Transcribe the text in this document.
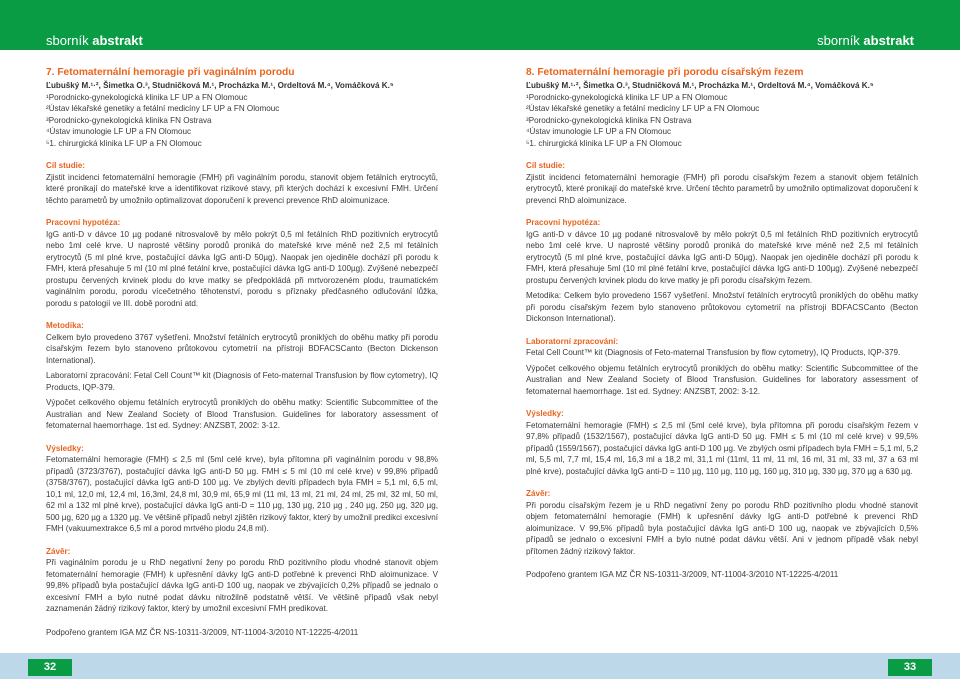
sborník abstrakt	sborník abstrakt
7. Fetomaternální hemoragie při vaginálním porodu
Ľubušký M.¹·², Šimetka O.³, Studničková M.¹, Procházka M.¹, Ordeltová M.⁴, Vomáčková K.⁵
¹Porodnicko-gynekologická klinika LF UP a FN Olomouc
²Ústav lékařské genetiky a fetální medicíny LF UP a FN Olomouc
³Porodnicko-gynekologická klinika FN Ostrava
⁴Ústav imunologie LF UP a FN Olomouc
⁵1. chirurgická klinika LF UP a FN Olomouc
Cíl studie:

Zjistit incidenci fetomaternální hemoragie (FMH) při vaginálním porodu, stanovit objem fetálních erytrocytů, které pronikají do mateřské krve a identifikovat rizikové stavy, při kterých dochází k excesivní FMH. Určení těchto parametrů by umožnilo optimalizovat doporučení k prevenci prevence RhD aloimunizace.

Pracovní hypotéza:

IgG anti-D v dávce 10 µg podané nitrosvalově by mělo pokrýt 0,5 ml fetálních RhD pozitivních erytrocytů nebo 1ml celé krve. U naprosté většiny porodů proniká do mateřské krve méně než 2,5 ml fetálních erytrocytů (5 ml plné krve, postačující dávka IgG anti-D 50µg). Naopak jen ojediněle dochází při porodu k FMH, která přesahuje 5 ml (10 ml plné fetální krve, postačující dávka IgG anti-D 100µg). Zvýšené nebezpečí prostupu červených krvinek plodu do krve matky se předpokládá při mrtvorozeném plodu, traumatickém vaginálním porodu, porodu vícečetného těhotenství, porodu s příznaky předčasného odlučování lůžka, porodu s patologií ve III. době porodní atd.

Metodika:

Celkem bylo provedeno 3767 vyšetření. Množství fetálních erytrocytů proniklých do oběhu matky při porodu císařským řezem bylo stanoveno průtokovou cytometrií na přístroji BDFACSCanto (Becton Dickenson International).

Laboratorní zpracování: Fetal Cell Count™ kit (Diagnosis of Feto-maternal Transfusion by flow cytometry), IQ Products, IQP-379.

Výpočet celkového objemu fetálních erytrocytů proniklých do oběhu matky: Scientific Subcommittee of the Australian and New Zealand Society of Blood Transfusion. Guidelines for laboratory assessment of fetomaternal haemorrhage. 1st ed. Sydney: ANZSBT, 2002: 3-12.

Výsledky:

Fetomaternální hemoragie (FMH) ≤ 2,5 ml (5ml celé krve), byla přítomna při vaginálním porodu v 98,8% případů (3723/3767), postačující dávka IgG anti-D 50 µg. FMH ≤ 5 ml (10 ml celé krve) v 99,8% případů (3758/3767), postačující dávka IgG anti-D 100 µg. Ve zbylých devíti případech byla FMH = 5,1 ml, 6,5 ml, 10,1 ml, 12,0 ml, 12,4 ml, 16,3ml, 24,8 ml, 30,9 ml, 65,9 ml (11 ml, 13 ml, 21 ml, 24 ml, 25 ml, 32 ml, 50 ml, 62 ml a 132 ml plné krve), postačující dávka IgG anti-D = 110 µg, 130 µg, 210 µg , 240 µg, 250 µg, 320 µg, 500 µg, 620 µg a 1320 µg. Ve většině případů nebyl zjištěn rizikový faktor, který by umožnil predikci excesivní FMH (vakuumextrakce 6,5 ml a porod mrtvého plodu 24,8 ml).

Závěr:

Při vaginálním porodu je u RhD negativní ženy po porodu RhD pozitivního plodu vhodné stanovit objem fetomaternální hemoragie (FMH) k upřesnění dávky IgG anti-D potřebné k prevenci RhD aloimunizace. V 99,8% případů byla postačující dávka IgG anti-D 100 ug, naopak ve zbývajících 0,2% případů se jednalo o excesivní FMH a bylo nutné podat dávku nitrožilně podstatně větší. Ve většině případů však nebyl zaznamenán žádný rizikový faktor, který by umožnil excesivní FMH predikovat.

Podpořeno grantem IGA MZ ČR NS-10311-3/2009, NT-11004-3/2010 NT-12225-4/2011
8. Fetomaternální hemoragie při porodu císařským řezem
Ľubušký M.¹·², Šimetka O.³, Studničková M.¹, Procházka M.¹, Ordeltová M.⁴, Vomáčková K.⁵
¹Porodnicko-gynekologická klinika LF UP a FN Olomouc
²Ústav lékařské genetiky a fetální medicíny LF UP a FN Olomouc
³Porodnicko-gynekologická klinika FN Ostrava
⁴Ústav imunologie LF UP a FN Olomouc
⁵1. chirurgická klinika LF UP a FN Olomouc
Cíl studie:

Zjistit incidenci fetomaternální hemoragie (FMH) při porodu císařským řezem a stanovit objem fetálních erytrocytů, které pronikají do mateřské krve. Určení těchto parametrů by umožnilo optimalizovat doporučení k prevenci RhD aloimunizace.

Pracovní hypotéza:

IgG anti-D v dávce 10 µg podané nitrosvalově by mělo pokrýt 0,5 ml fetálních RhD pozitivních erytrocytů nebo 1ml celé krve. U naprosté většiny porodů proniká do mateřské krve méně než 2,5 ml fetálních erytrocytů (5 ml plné krve, postačující dávka IgG anti-D 50µg). Naopak jen ojediněle dochází při porodu k FMH, která přesahuje 5ml (10 ml plné fetální krve, postačující dávka IgG anti-D 100µg). Zvýšené nebezpečí prostupu červených krvinek plodu do krve matky je při porodu císařským řezem.

Metodika: Celkem bylo provedeno 1567 vyšetření. Množství fetálních erytrocytů proniklých do oběhu matky při porodu císařským řezem bylo stanoveno průtokovou cytometrií na přístroji BDFACSCanto (Becton Dickonson International).

Laboratorní zpracování:

Fetal Cell Count™ kit (Diagnosis of Feto-maternal Transfusion by flow cytometry), IQ Products, IQP-379.

Výpočet celkového objemu fetálních erytrocytů proniklých do oběhu matky: Scientific Subcommittee of the Australian and New Zealand Society of Blood Transfusion. Guidelines for laboratory assessment of fetomaternal haemorrhage. 1st ed. Sydney: ANZSBT, 2002: 3-12.

Výsledky:

Fetomaternální hemoragie (FMH) ≤ 2,5 ml (5ml celé krve), byla přítomna při porodu císařským řezem v 97,8% případů (1532/1567), postačující dávka IgG anti-D 50 µg. FMH ≤ 5 ml (10 ml celé krve) v 99,5% případů (1559/1567), postačující dávka IgG anti-D 100 µg. Ve zbylých osmi případech byla FMH = 5,1 ml, 5,2 ml, 5,5 ml, 7,7 ml, 15,4 ml, 16,3 ml a 18,2 ml, 31,1 ml (11ml, 11 ml, 11 ml, 16 ml, 31 ml, 33 ml, 37 a 63 ml plné krve), postačující dávka IgG anti-D = 110 µg, 110 µg, 110 µg, 160 µg, 310 µg, 330 µg, 370 µg a 630 µg.

Závěr:

Při porodu císařským řezem je u RhD negativní ženy po porodu RhD pozitivního plodu vhodné stanovit objem fetomaternální hemoragie (FMH) k upřesnění dávky IgG anti-D potřebné k prevenci RhD aloimunizace. V 99,5% případů byla postačující dávka IgG anti-D 100 ug, naopak ve zbývajících 0,5% případů se jednalo o excesivní FMH a bylo nutné podat dávku větší. Ani v jednom případě však nebyl přítomen žádný rizikový faktor.

Podpořeno grantem IGA MZ ČR NS-10311-3/2009, NT-11004-3/2010 NT-12225-4/2011
32	33
